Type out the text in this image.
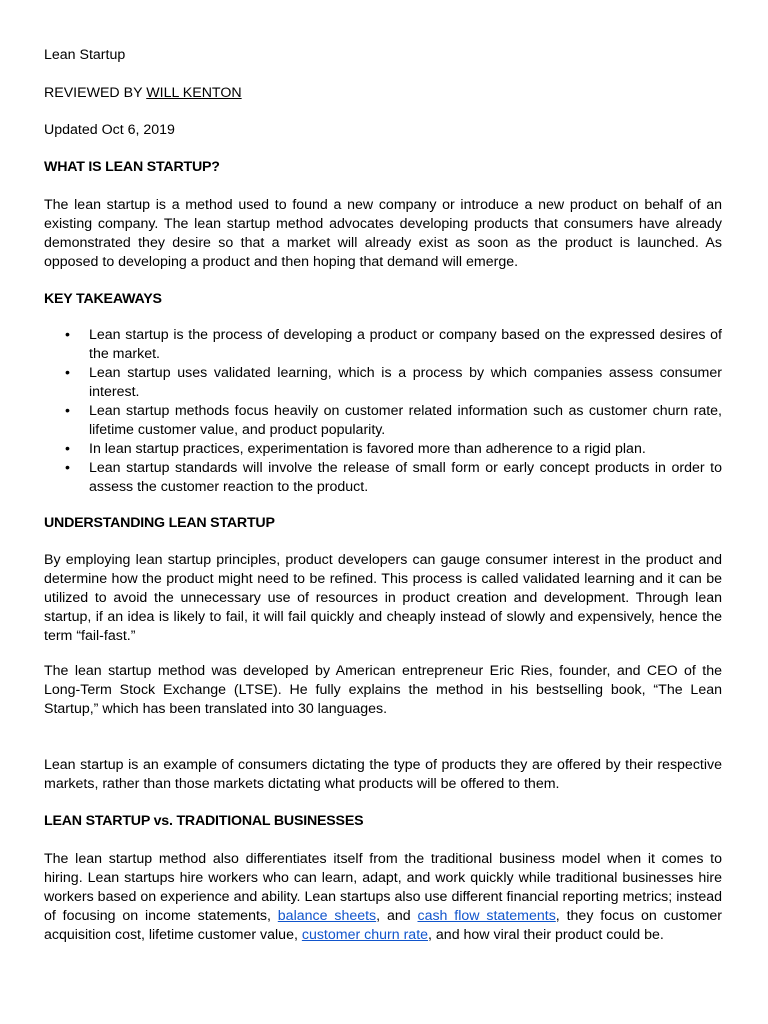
Lean Startup

REVIEWED BY WILL KENTON

Updated Oct 6, 2019

WHAT IS LEAN STARTUP?

The lean startup is a method used to found a new company or introduce a new product on behalf of an existing company. The lean startup method advocates developing products that consumers have already demonstrated they desire so that a market will already exist as soon as the product is launched. As opposed to developing a product and then hoping that demand will emerge.

KEY TAKEAWAYS

• Lean startup is the process of developing a product or company based on the expressed desires of the market.
• Lean startup uses validated learning, which is a process by which companies assess consumer interest.
• Lean startup methods focus heavily on customer related information such as customer churn rate, lifetime customer value, and product popularity.
• In lean startup practices, experimentation is favored more than adherence to a rigid plan.
• Lean startup standards will involve the release of small form or early concept products in order to assess the customer reaction to the product.

UNDERSTANDING LEAN STARTUP

By employing lean startup principles, product developers can gauge consumer interest in the product and determine how the product might need to be refined. This process is called validated learning and it can be utilized to avoid the unnecessary use of resources in product creation and development. Through lean startup, if an idea is likely to fail, it will fail quickly and cheaply instead of slowly and expensively, hence the term “fail-fast.”

The lean startup method was developed by American entrepreneur Eric Ries, founder, and CEO of the Long-Term Stock Exchange (LTSE). He fully explains the method in his bestselling book, “The Lean Startup,” which has been translated into 30 languages.

Lean startup is an example of consumers dictating the type of products they are offered by their respective markets, rather than those markets dictating what products will be offered to them.

LEAN STARTUP vs. TRADITIONAL BUSINESSES

The lean startup method also differentiates itself from the traditional business model when it comes to hiring. Lean startups hire workers who can learn, adapt, and work quickly while traditional businesses hire workers based on experience and ability. Lean startups also use different financial reporting metrics; instead of focusing on income statements, balance sheets, and cash flow statements, they focus on customer acquisition cost, lifetime customer value, customer churn rate, and how viral their product could be.
